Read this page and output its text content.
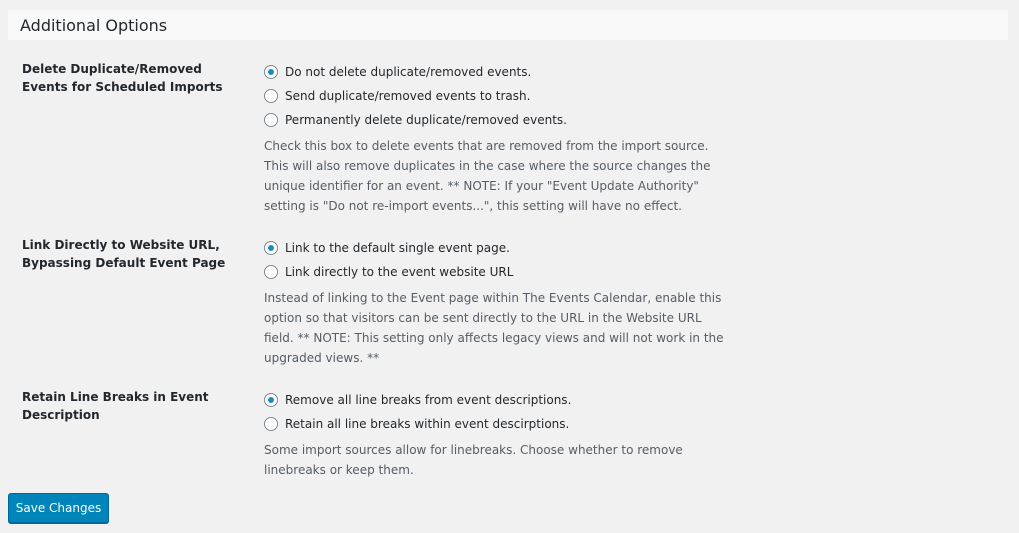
Additional Options
Delete Duplicate/Removed Events for Scheduled Imports
Do not delete duplicate/removed events.
Send duplicate/removed events to trash.
Permanently delete duplicate/removed events.
Check this box to delete events that are removed from the import source. This will also remove duplicates in the case where the source changes the unique identifier for an event. ** NOTE: If your "Event Update Authority" setting is "Do not re-import events...", this setting will have no effect.
Link Directly to Website URL, Bypassing Default Event Page
Link to the default single event page.
Link directly to the event website URL
Instead of linking to the Event page within The Events Calendar, enable this option so that visitors can be sent directly to the URL in the Website URL field. ** NOTE: This setting only affects legacy views and will not work in the upgraded views. **
Retain Line Breaks in Event Description
Remove all line breaks from event descriptions.
Retain all line breaks within event descirptions.
Some import sources allow for linebreaks. Choose whether to remove linebreaks or keep them.
Save Changes
